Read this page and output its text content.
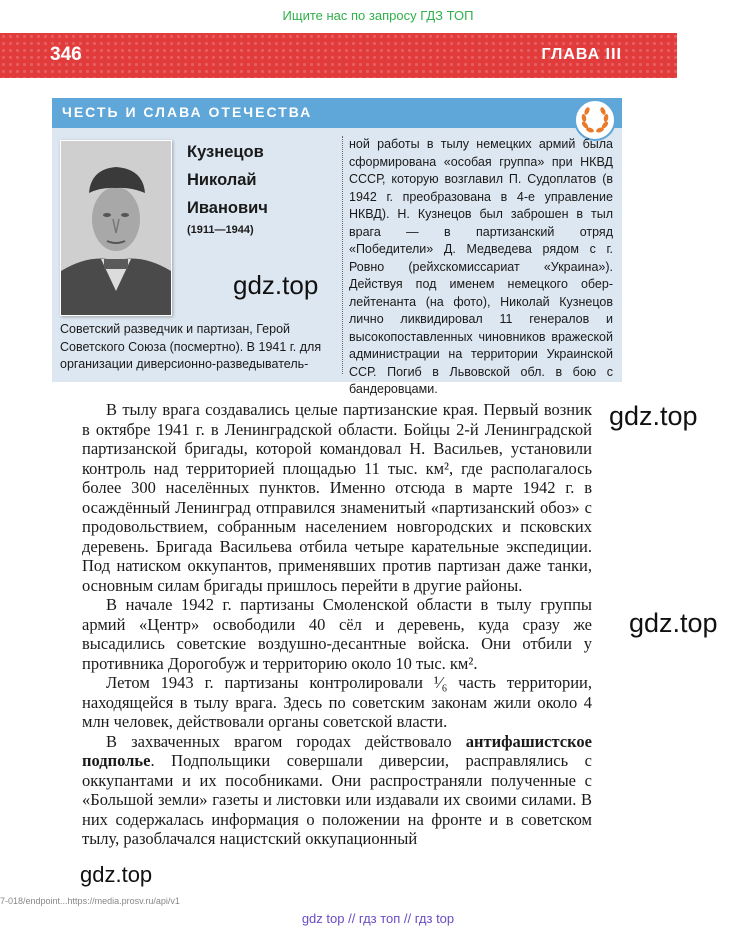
Ищите нас по запросу ГДЗ ТОП
346	ГЛАВА III
ЧЕСТЬ И СЛАВА ОТЕЧЕСТВА
Кузнецов
Николай
Иванович
(1911—1944)
Советский разведчик и партизан, Герой Советского Союза (посмертно). В 1941 г. для организации диверсионно-разведыватель-
ной работы в тылу немецких армий была сформирована «особая группа» при НКВД СССР, которую возглавил П. Судоплатов (в 1942 г. преобразована в 4-е управление НКВД). Н. Кузнецов был заброшен в тыл врага — в партизанский отряд «Победители» Д. Медведева рядом с г. Ровно (рейхскомиссариат «Украина»). Действуя под именем немецкого обер-лейтенанта (на фото), Николай Кузнецов лично ликвидировал 11 генералов и высокопоставленных чиновников вражеской администрации на территории Украинской ССР. Погиб в Львовской обл. в бою с бандеровцами.

В тылу врага создавались целые партизанские края. Первый возник в октябре 1941 г. в Ленинградской области. Бойцы 2-й Ленинградской партизанской бригады, которой командовал Н. Васильев, установили контроль над территорией площадью 11 тыс. км², где располагалось более 300 населённых пунктов. Именно отсюда в марте 1942 г. в осаждённый Ленинград отправился знаменитый «партизанский обоз» с продовольствием, собранным населением новгородских и псковских деревень. Бригада Васильева отбила четыре карательные экспедиции. Под натиском оккупантов, применявших против партизан даже танки, основным силам бригады пришлось перейти в другие районы.

В начале 1942 г. партизаны Смоленской области в тылу группы армий «Центр» освободили 40 сёл и деревень, куда сразу же высадились советские воздушно-десантные войска. Они отбили у противника Дорогобуж и территорию около 10 тыс. км².

Летом 1943 г. партизаны контролировали ¹⁄₆ часть территории, находящейся в тылу врага. Здесь по советским законам жили около 4 млн человек, действовали органы советской власти.

В захваченных врагом городах действовало антифашистское подполье. Подпольщики совершали диверсии, расправлялись с оккупантами и их пособниками. Они распространяли полученные с «Большой земли» газеты и листовки или издавали их своими силами. В них содержалась информация о положении на фронте и в советском тылу, разоблачался нацистский оккупационный

gdz.top
gdz.top
gdz.top
gdz.top
7-018/endpoint...https://media.prosv.ru/api/v1
gdz top // гдз топ // гдз top
